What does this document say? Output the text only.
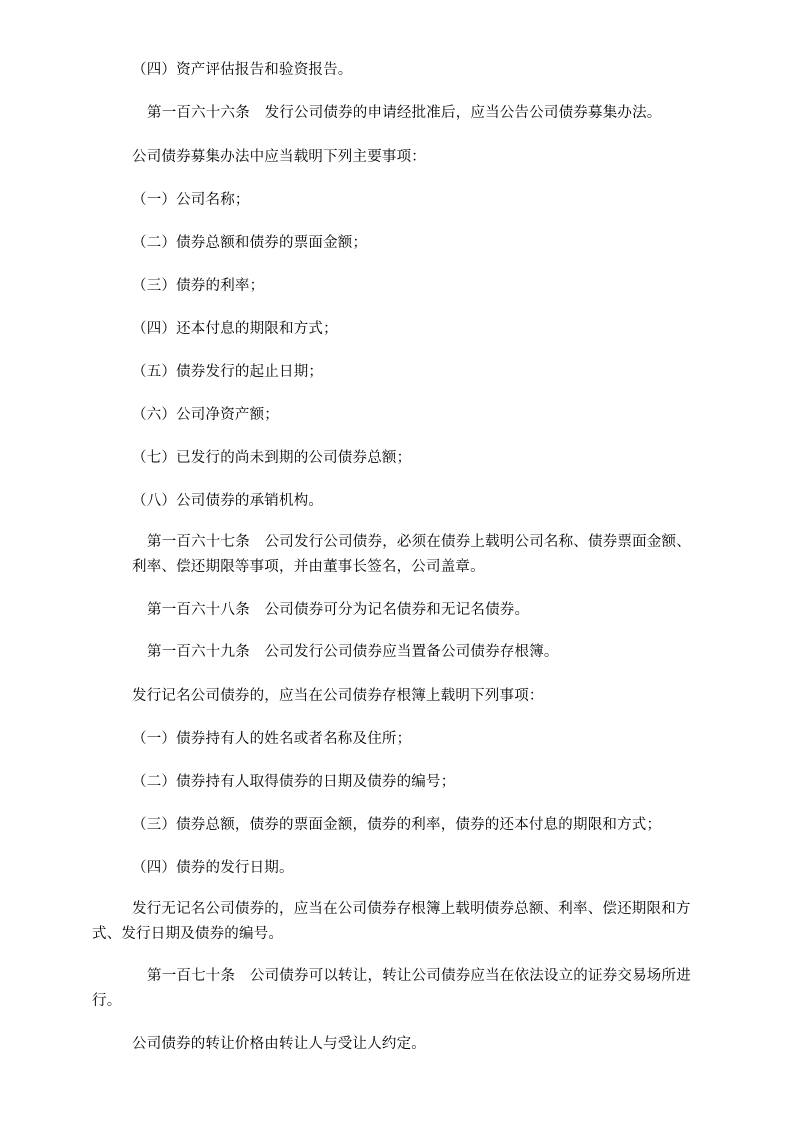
（四）资产评估报告和验资报告。
第一百六十六条　发行公司债券的申请经批准后，应当公告公司债券募集办法。
公司债券募集办法中应当载明下列主要事项：
（一）公司名称；
（二）债券总额和债券的票面金额；
（三）债券的利率；
（四）还本付息的期限和方式；
（五）债券发行的起止日期；
（六）公司净资产额；
（七）已发行的尚未到期的公司债券总额；
（八）公司债券的承销机构。
第一百六十七条　公司发行公司债券，必须在债券上载明公司名称、债券票面金额、
利率、偿还期限等事项，并由董事长签名，公司盖章。
第一百六十八条　公司债券可分为记名债券和无记名债券。
第一百六十九条　公司发行公司债券应当置备公司债券存根簿。
发行记名公司债券的，应当在公司债券存根簿上载明下列事项：
（一）债券持有人的姓名或者名称及住所；
（二）债券持有人取得债券的日期及债券的编号；
（三）债券总额，债券的票面金额，债券的利率，债券的还本付息的期限和方式；
（四）债券的发行日期。
发行无记名公司债券的，应当在公司债券存根簿上载明债券总额、利率、偿还期限和方
式、发行日期及债券的编号。
第一百七十条　公司债券可以转让，转让公司债券应当在依法设立的证券交易场所进
行。
公司债券的转让价格由转让人与受让人约定。
